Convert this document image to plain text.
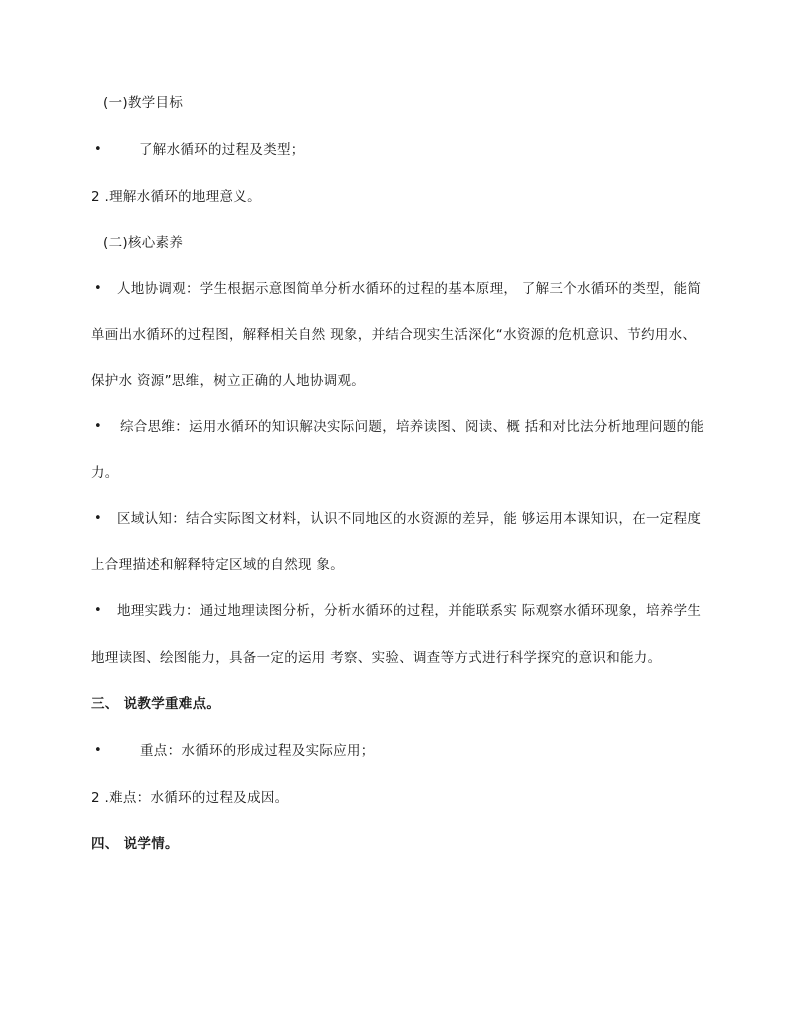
(一)教学目标
•	了解水循环的过程及类型；
2 .理解水循环的地理意义。
(二)核心素养
• 人地协调观：学生根据示意图简单分析水循环的过程的基本原理， 了解三个水循环的类型，能简
单画出水循环的过程图，解释相关自然 现象，并结合现实生活深化“水资源的危机意识、节约用水、
保护水 资源”思维，树立正确的人地协调观。
• 综合思维：运用水循环的知识解决实际问题，培养读图、阅读、概 括和对比法分析地理问题的能
力。
• 区域认知：结合实际图文材料，认识不同地区的水资源的差异，能 够运用本课知识，在一定程度
上合理描述和解释特定区域的自然现 象。
• 地理实践力：通过地理读图分析，分析水循环的过程，并能联系实 际观察水循环现象，培养学生
地理读图、绘图能力，具备一定的运用 考察、实验、调查等方式进行科学探究的意识和能力。
三、 说教学重难点。
•	重点：水循环的形成过程及实际应用；
2 .难点：水循环的过程及成因。
四、 说学情。
